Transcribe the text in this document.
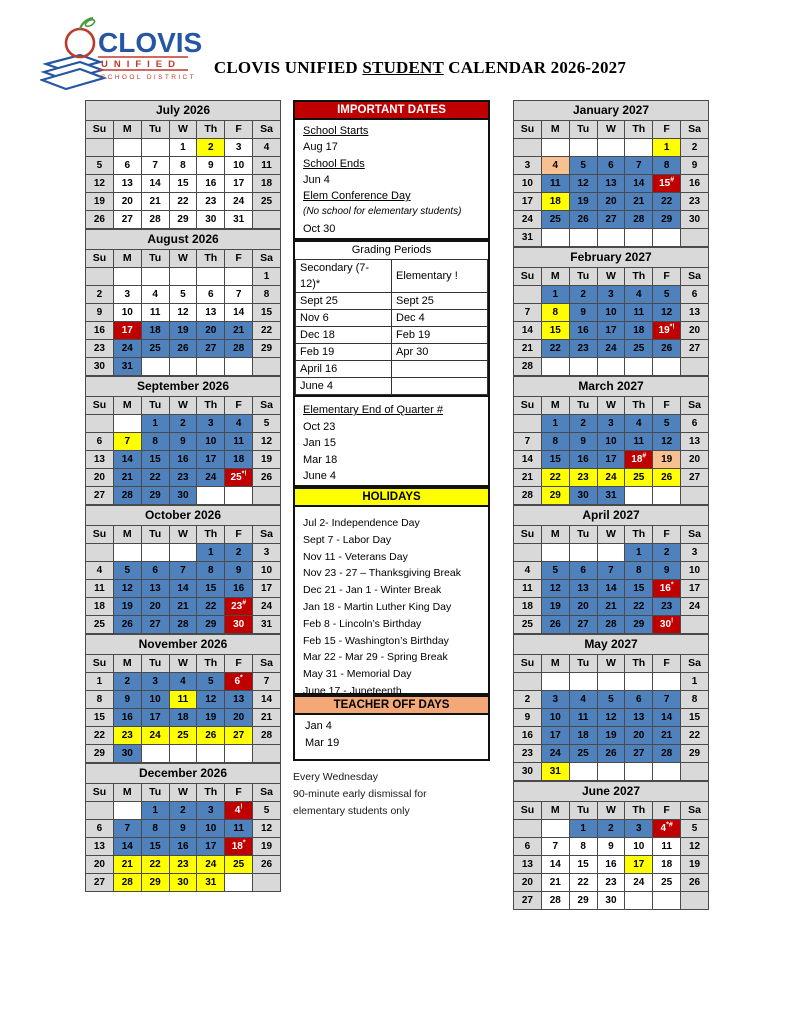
CLOVIS
UNIFIED
SCHOOL DISTRICT
CLOVIS UNIFIED STUDENT CALENDAR 2026-2027
July 2026						
Su	M	Tu	W	Th	F	Sa
			1	2	3	4
5	6	7	8	9	10	11
12	13	14	15	16	17	18
19	20	21	22	23	24	25
26	27	28	29	30	31	
August 2026						
Su	M	Tu	W	Th	F	Sa
						1
2	3	4	5	6	7	8
9	10	11	12	13	14	15
16	17	18	19	20	21	22
23	24	25	26	27	28	29
30	31					
September 2026						
Su	M	Tu	W	Th	F	Sa
		1	2	3	4	5
6	7	8	9	10	11	12
13	14	15	16	17	18	19
20	21	22	23	24	25*!	26
27	28	29	30			
October 2026						
Su	M	Tu	W	Th	F	Sa
				1	2	3
4	5	6	7	8	9	10
11	12	13	14	15	16	17
18	19	20	21	22	23#	24
25	26	27	28	29	30	31
November 2026						
Su	M	Tu	W	Th	F	Sa
1	2	3	4	5	6*	7
8	9	10	11	12	13	14
15	16	17	18	19	20	21
22	23	24	25	26	27	28
29	30					
December 2026						
Su	M	Tu	W	Th	F	Sa
		1	2	3	4!	5
6	7	8	9	10	11	12
13	14	15	16	17	18*	19
20	21	22	23	24	25	26
27	28	29	30	31		
IMPORTANT DATES
School Starts
Aug 17
School Ends
Jun 4
Elem Conference Day
(No school for elementary students)
Oct 30
Grading Periods
Secondary (7-12)*	Elementary !
Sept 25	Sept 25
Nov 6	Dec 4
Dec 18	Feb 19
Feb 19	Apr 30
April 16	
June 4	
Elementary End of Quarter #
Oct 23
Jan 15
Mar 18
June 4
HOLIDAYS
Jul 2- Independence Day
Sept 7 - Labor Day
Nov 11 - Veterans Day
Nov 23 - 27 – Thanksgiving Break
Dec 21 - Jan 1 - Winter Break
Jan 18 - Martin Luther King Day
Feb 8 - Lincoln’s Birthday
Feb 15 - Washington’s Birthday
Mar 22 - Mar 29 - Spring Break
May 31 - Memorial Day
June 17 - Juneteenth
TEACHER OFF DAYS
Jan 4
Mar 19
Every Wednesday
90-minute early dismissal for
elementary students only
January 2027						
Su	M	Tu	W	Th	F	Sa
					1	2
3	4	5	6	7	8	9
10	11	12	13	14	15#	16
17	18	19	20	21	22	23
24	25	26	27	28	29	30
31						
February 2027						
Su	M	Tu	W	Th	F	Sa
	1	2	3	4	5	6
7	8	9	10	11	12	13
14	15	16	17	18	19*!	20
21	22	23	24	25	26	27
28						
March 2027						
Su	M	Tu	W	Th	F	Sa
	1	2	3	4	5	6
7	8	9	10	11	12	13
14	15	16	17	18#	19	20
21	22	23	24	25	26	27
28	29	30	31			
April 2027						
Su	M	Tu	W	Th	F	Sa
				1	2	3
4	5	6	7	8	9	10
11	12	13	14	15	16*	17
18	19	20	21	22	23	24
25	26	27	28	29	30!	
May 2027						
Su	M	Tu	W	Th	F	Sa
						1
2	3	4	5	6	7	8
9	10	11	12	13	14	15
16	17	18	19	20	21	22
23	24	25	26	27	28	29
30	31					
June 2027						
Su	M	Tu	W	Th	F	Sa
		1	2	3	4*#	5
6	7	8	9	10	11	12
13	14	15	16	17	18	19
20	21	22	23	24	25	26
27	28	29	30			
